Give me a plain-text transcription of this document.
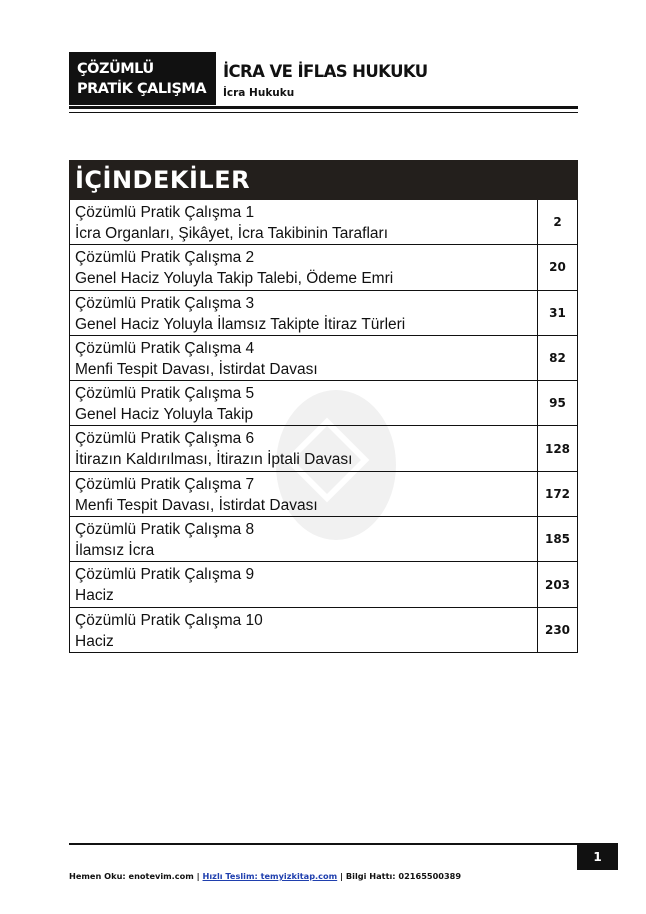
ÇÖZÜMLÜ
PRATİK ÇALIŞMA
İCRA VE İFLAS HUKUKU
İcra Hukuku
İÇİNDEKİLER
Çözümlü Pratik Çalışma 1
İcra Organları, Şikâyet, İcra Takibinin Tarafları
2
Çözümlü Pratik Çalışma 2
Genel Haciz Yoluyla Takip Talebi, Ödeme Emri
20
Çözümlü Pratik Çalışma 3
Genel Haciz Yoluyla İlamsız Takipte İtiraz Türleri
31
Çözümlü Pratik Çalışma 4
Menfi Tespit Davası, İstirdat Davası
82
Çözümlü Pratik Çalışma 5
Genel Haciz Yoluyla Takip
95
Çözümlü Pratik Çalışma 6
İtirazın Kaldırılması, İtirazın İptali Davası
128
Çözümlü Pratik Çalışma 7
Menfi Tespit Davası, İstirdat Davası
172
Çözümlü Pratik Çalışma 8
İlamsız İcra
185
Çözümlü Pratik Çalışma 9
Haciz
203
Çözümlü Pratik Çalışma 10
Haciz
230
1
Hemen Oku: enotevim.com | Hızlı Teslim: temyizkitap.com | Bilgi Hattı: 02165500389
